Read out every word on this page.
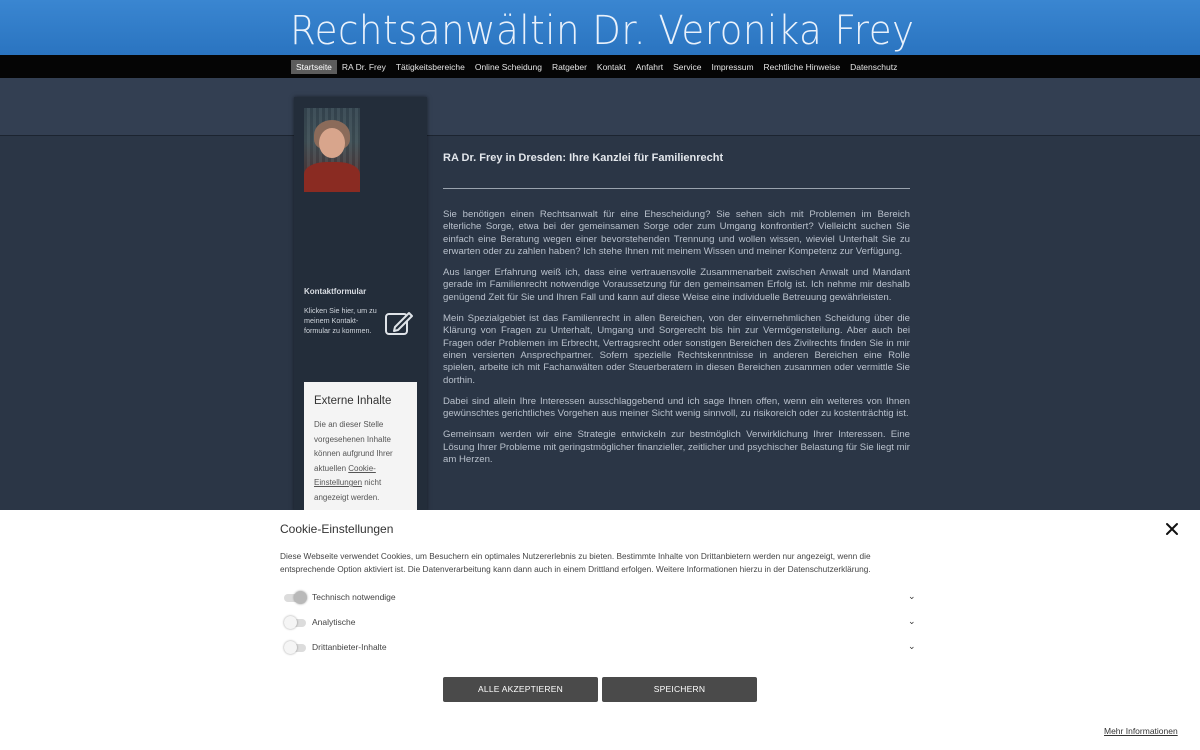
Rechtsanwältin Dr. Veronika Frey
Startseite	RA Dr. Frey	Tätigkeitsbereiche	Online Scheidung	Ratgeber	Kontakt	Anfahrt	Service	Impressum	Rechtliche Hinweise	Datenschutz
Kontaktformular
Klicken Sie hier, um zu meinem Kontakt-formular zu kommen.
Externe Inhalte
Die an dieser Stelle vorgesehenen Inhalte können aufgrund Ihrer aktuellen Cookie-Einstellungen nicht angezeigt werden.
RA Dr. Frey in Dresden: Ihre Kanzlei für Familienrecht

Sie benötigen einen Rechtsanwalt für eine Ehescheidung? Sie sehen sich mit Problemen im Bereich elterliche Sorge, etwa bei der gemeinsamen Sorge oder zum Umgang konfrontiert? Vielleicht suchen Sie einfach eine Beratung wegen einer bevorstehenden Trennung und wollen wissen, wieviel Unterhalt Sie zu erwarten oder zu zahlen haben? Ich stehe Ihnen mit meinem Wissen und meiner Kompetenz zur Verfügung.

Aus langer Erfahrung weiß ich, dass eine vertrauensvolle Zusammenarbeit zwischen Anwalt und Mandant gerade im Familienrecht notwendige Voraussetzung für den gemeinsamen Erfolg ist. Ich nehme mir deshalb genügend Zeit für Sie und Ihren Fall und kann auf diese Weise eine individuelle Betreuung gewährleisten.

Mein Spezialgebiet ist das Familienrecht in allen Bereichen, von der einvernehmlichen Scheidung über die Klärung von Fragen zu Unterhalt, Umgang und Sorgerecht bis hin zur Vermögensteilung. Aber auch bei Fragen oder Problemen im Erbrecht, Vertragsrecht oder sonstigen Bereichen des Zivilrechts finden Sie in mir einen versierten Ansprechpartner. Sofern spezielle Rechtskenntnisse in anderen Bereichen eine Rolle spielen, arbeite ich mit Fachanwälten oder Steuerberatern in diesen Bereichen zusammen oder vermittle Sie dorthin.

Dabei sind allein Ihre Interessen ausschlaggebend und ich sage Ihnen offen, wenn ein weiteres von Ihnen gewünschtes gerichtliches Vorgehen aus meiner Sicht wenig sinnvoll, zu risikoreich oder zu kostenträchtig ist.

Gemeinsam werden wir eine Strategie entwickeln zur bestmöglich Verwirklichung Ihrer Interessen. Eine Lösung Ihrer Probleme mit geringstmöglicher finanzieller, zeitlicher und psychischer Belastung für Sie liegt mir am Herzen.

Cookie-Einstellungen
Diese Webseite verwendet Cookies, um Besuchern ein optimales Nutzererlebnis zu bieten. Bestimmte Inhalte von Drittanbietern werden nur angezeigt, wenn die entsprechende Option aktiviert ist. Die Datenverarbeitung kann dann auch in einem Drittland erfolgen. Weitere Informationen hierzu in der Datenschutzerklärung.
Technisch notwendige	⌄
Analytische	⌄
Drittanbieter-Inhalte	⌄
ALLE AKZEPTIEREN	SPEICHERN
Mehr Informationen
